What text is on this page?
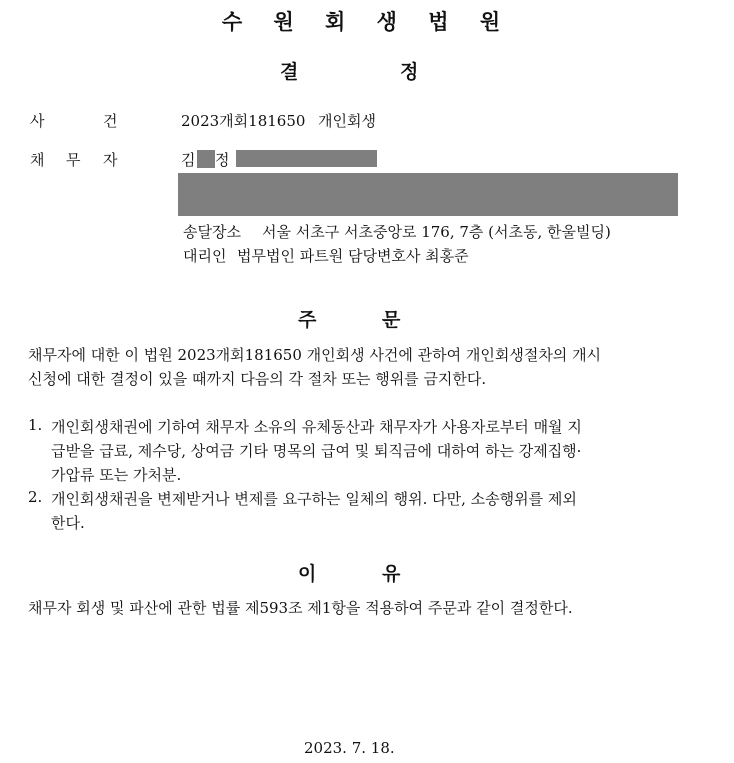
수 원 회 생 법 원
결	정
사	건	2023개회181650 개인회생
채 무 자	김 정
송달장소 서울 서초구 서초중앙로 176, 7층 (서초동, 한울빌딩)
대리인 법무법인 파트원 담당변호사 최홍준
주	문
채무자에 대한 이 법원 2023개회181650 개인회생 사건에 관하여 개인회생절차의 개시
신청에 대한 결정이 있을 때까지 다음의 각 절차 또는 행위를 금지한다.
1. 개인회생채권에 기하여 채무자 소유의 유체동산과 채무자가 사용자로부터 매월 지
급받을 급료, 제수당, 상여금 기타 명목의 급여 및 퇴직금에 대하여 하는 강제집행·
가압류 또는 가처분.
2. 개인회생채권을 변제받거나 변제를 요구하는 일체의 행위. 다만, 소송행위를 제외
한다.
이	유
채무자 회생 및 파산에 관한 법률 제593조 제1항을 적용하여 주문과 같이 결정한다.
2023. 7. 18.
